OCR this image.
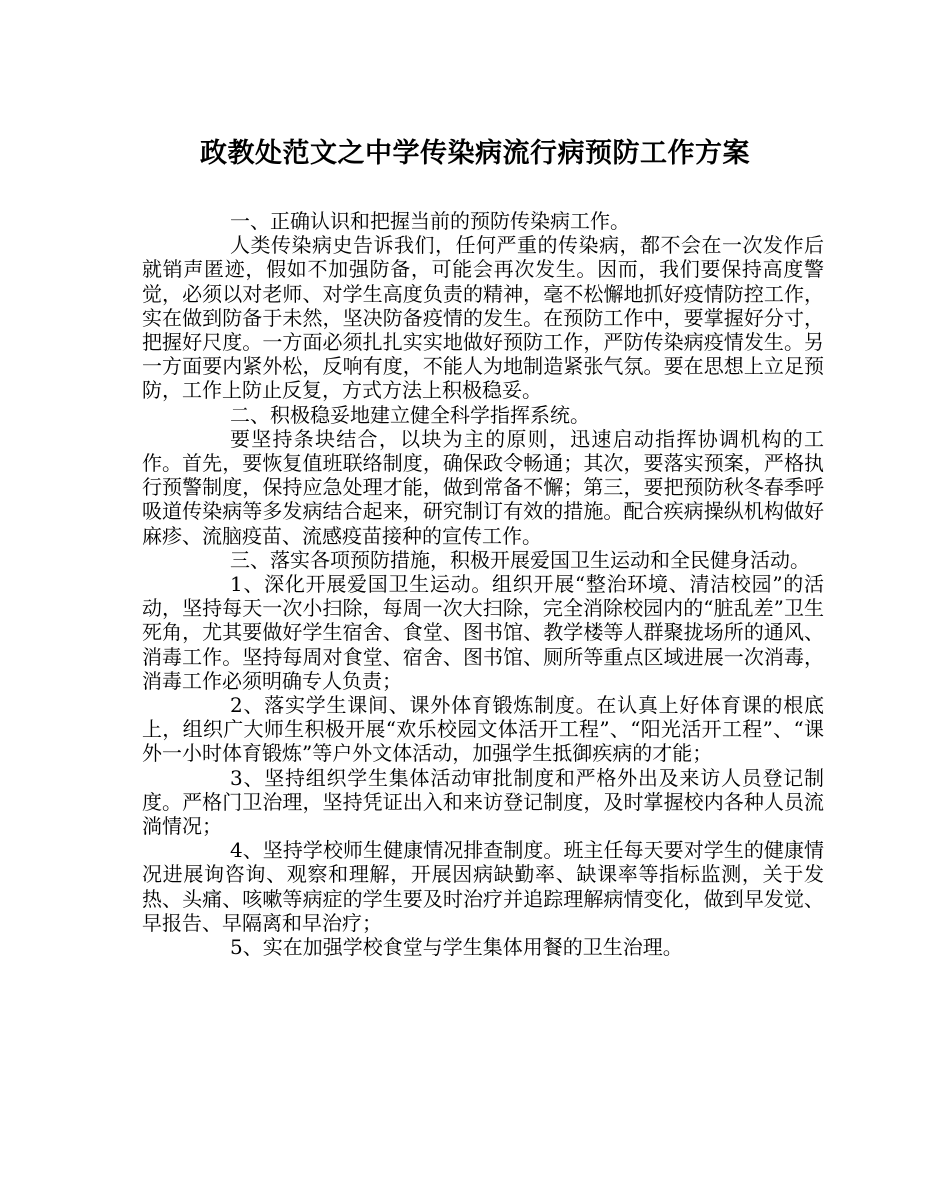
政教处范文之中学传染病流行病预防工作方案

一、正确认识和把握当前的预防传染病工作。

人类传染病史告诉我们，任何严重的传染病，都不会在一次发作后就销声匿迹，假如不加强防备，可能会再次发生。因而，我们要保持高度警觉，必须以对老师、对学生高度负责的精神，毫不松懈地抓好疫情防控工作，实在做到防备于未然，坚决防备疫情的发生。在预防工作中，要掌握好分寸，把握好尺度。一方面必须扎扎实实地做好预防工作，严防传染病疫情发生。另一方面要内紧外松，反响有度，不能人为地制造紧张气氛。要在思想上立足预防，工作上防止反复，方式方法上积极稳妥。

二、积极稳妥地建立健全科学指挥系统。

要坚持条块结合，以块为主的原则，迅速启动指挥协调机构的工作。首先，要恢复值班联络制度，确保政令畅通；其次，要落实预案，严格执行预警制度，保持应急处理才能，做到常备不懈；第三，要把预防秋冬春季呼吸道传染病等多发病结合起来，研究制订有效的措施。配合疾病操纵机构做好麻疹、流脑疫苗、流感疫苗接种的宣传工作。

三、落实各项预防措施，积极开展爱国卫生运动和全民健身活动。

1、深化开展爱国卫生运动。组织开展“整治环境、清洁校园”的活动，坚持每天一次小扫除，每周一次大扫除，完全消除校园内的“脏乱差”卫生死角，尤其要做好学生宿舍、食堂、图书馆、教学楼等人群聚拢场所的通风、消毒工作。坚持每周对食堂、宿舍、图书馆、厕所等重点区域进展一次消毒，消毒工作必须明确专人负责；

2、落实学生课间、课外体育锻炼制度。在认真上好体育课的根底上，组织广大师生积极开展“欢乐校园文体活开工程”、“阳光活开工程”、“课外一小时体育锻炼”等户外文体活动，加强学生抵御疾病的才能；

3、坚持组织学生集体活动审批制度和严格外出及来访人员登记制度。严格门卫治理，坚持凭证出入和来访登记制度，及时掌握校内各种人员流淌情况；

4、坚持学校师生健康情况排查制度。班主任每天要对学生的健康情况进展询咨询、观察和理解，开展因病缺勤率、缺课率等指标监测，关于发热、头痛、咳嗽等病症的学生要及时治疗并追踪理解病情变化，做到早发觉、早报告、早隔离和早治疗；

5、实在加强学校食堂与学生集体用餐的卫生治理。
